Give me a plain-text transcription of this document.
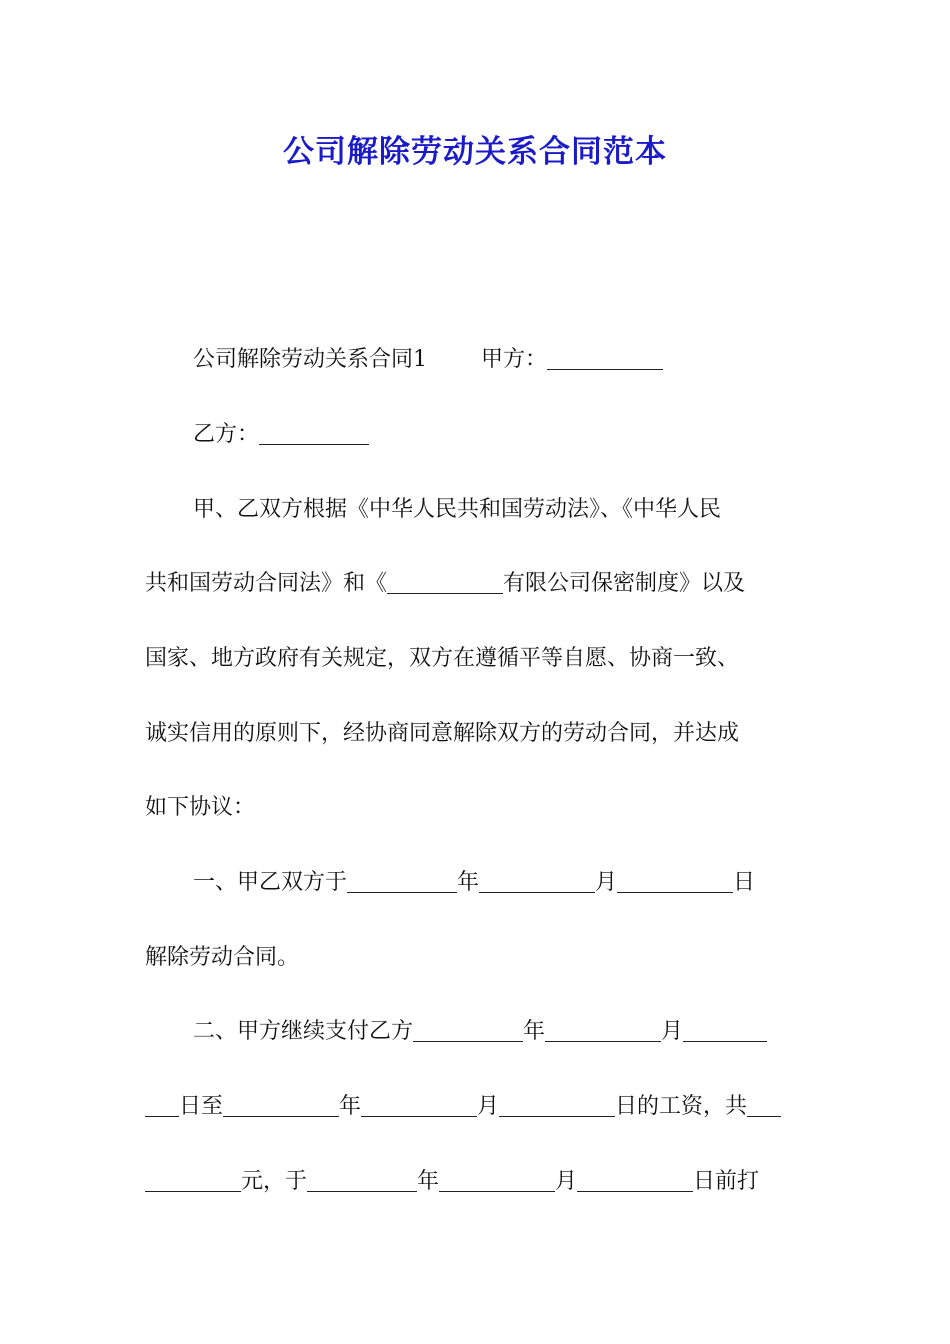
公司解除劳动关系合同范本
公司解除劳动关系合同1 甲方：
乙方：
甲、乙双方根据《中华人民共和国劳动法》、《中华人民
共和国劳动合同法》和《	有限公司保密制度》以及
国家、地方政府有关规定，双方在遵循平等自愿、协商一致、
诚实信用的原则下，经协商同意解除双方的劳动合同，并达成
如下协议：
一、甲乙双方于	年	月	日
解除劳动合同。
二、甲方继续支付乙方	年	月
日至	年	月	日的工资，共
元，于	年	月	日前打
